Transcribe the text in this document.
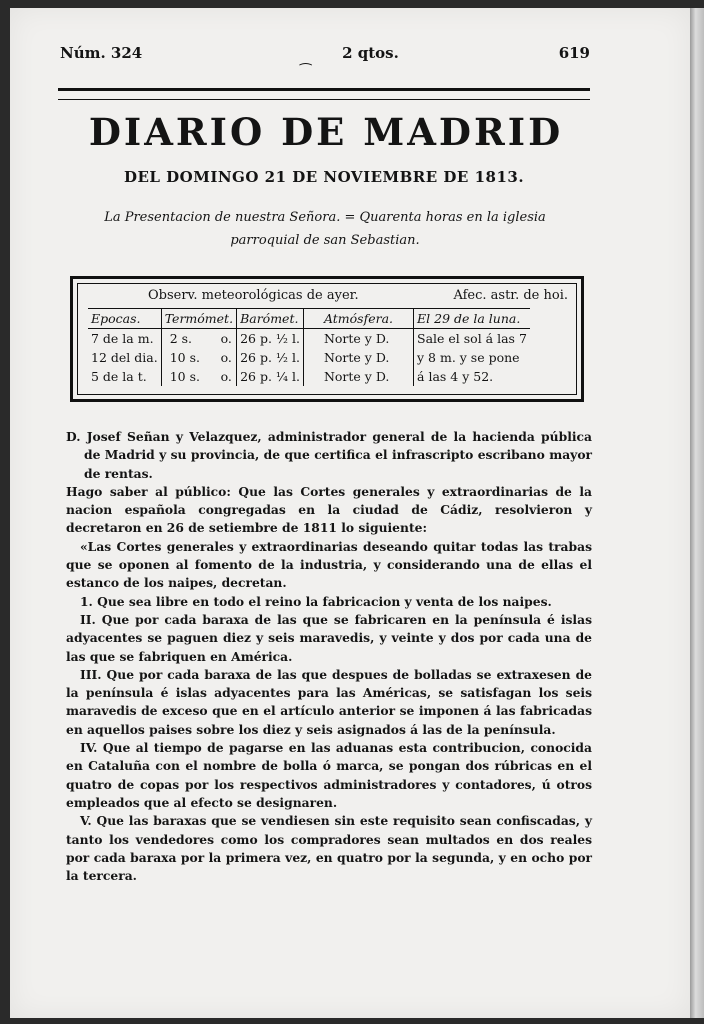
Núm. 324	2 qtos.	619
⁀
DIARIO DE MADRID
DEL DOMINGO 21 DE NOVIEMBRE DE 1813.
La Presentacion de nuestra Señora. = Quarenta horas en la iglesia parroquial de san Sebastian.
Observ. meteorológicas de ayer.	Afec. astr. de hoi.
Epocas.	Termómet.		Barómet.	Atmósfera.	El 29 de la luna.
7 de la m.	2 s.	o.	26 p. ½ l.	Norte y D.	Sale el sol á las 7
12 del dia.	10 s.	o.	26 p. ½ l.	Norte y D.	y 8 m. y se pone
5 de la t.	10 s.	o.	26 p. ¼ l.	Norte y D.	á las 4 y 52.

D. Josef Señan y Velazquez, administrador general de la hacienda pública de Madrid y su provincia, de que certifica el infrascripto escribano mayor de rentas.

Hago saber al público: Que las Cortes generales y extraordinarias de la nacion española congregadas en la ciudad de Cádiz, resolvieron y decretaron en 26 de setiembre de 1811 lo siguiente:

«Las Cortes generales y extraordinarias deseando quitar todas las trabas que se oponen al fomento de la industria, y considerando una de ellas el estanco de los naipes, decretan.

1. Que sea libre en todo el reino la fabricacion y venta de los naipes.

II. Que por cada baraxa de las que se fabricaren en la península é islas adyacentes se paguen diez y seis maravedis, y veinte y dos por cada una de las que se fabriquen en América.

III. Que por cada baraxa de las que despues de bolladas se extraxesen de la península é islas adyacentes para las Américas, se satisfagan los seis maravedis de exceso que en el artículo anterior se imponen á las fabricadas en aquellos paises sobre los diez y seis asignados á las de la península.

IV. Que al tiempo de pagarse en las aduanas esta contribucion, conocida en Cataluña con el nombre de bolla ó marca, se pongan dos rúbricas en el quatro de copas por los respectivos administradores y contadores, ú otros empleados que al efecto se designaren.

V. Que las baraxas que se vendiesen sin este requisito sean confiscadas, y tanto los vendedores como los compradores sean multados en dos reales por cada baraxa por la primera vez, en quatro por la segunda, y en ocho por la tercera.
